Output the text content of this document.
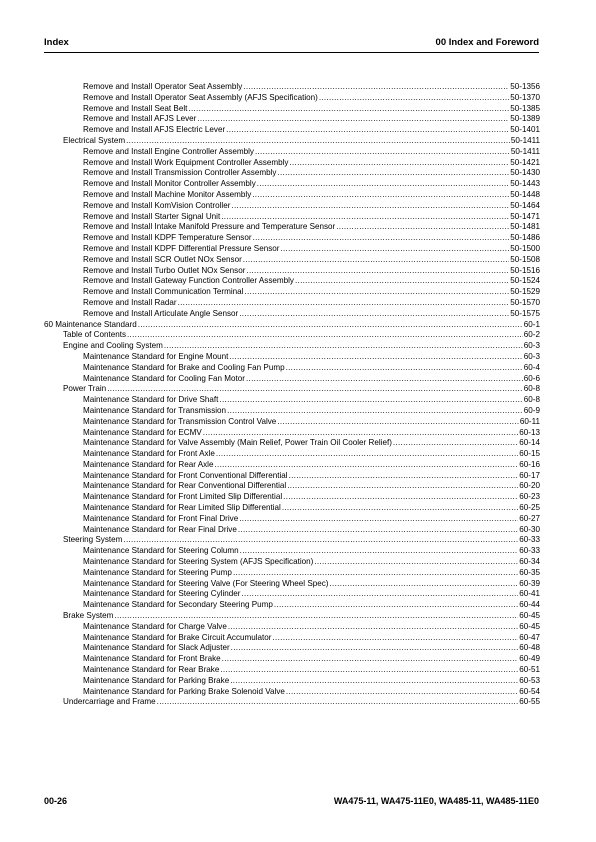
Index	00 Index and Foreword
Remove and Install Operator Seat Assembly .....	50-1356
Remove and Install Operator Seat Assembly (AFJS Specification) .....	50-1370
Remove and Install Seat Belt .....	50-1385
Remove and Install AFJS Lever .....	50-1389
Remove and Install AFJS Electric Lever .....	50-1401
Electrical System .....	50-1411
Remove and Install Engine Controller Assembly .....	50-1411
Remove and Install Work Equipment Controller Assembly .....	50-1421
Remove and Install Transmission Controller Assembly .....	50-1430
Remove and Install Monitor Controller Assembly .....	50-1443
Remove and Install Machine Monitor Assembly .....	50-1448
Remove and Install KomVision Controller .....	50-1464
Remove and Install Starter Signal Unit .....	50-1471
Remove and Install Intake Manifold Pressure and Temperature Sensor .....	50-1481
Remove and Install KDPF Temperature Sensor .....	50-1486
Remove and Install KDPF Differential Pressure Sensor .....	50-1500
Remove and Install SCR Outlet NOx Sensor .....	50-1508
Remove and Install Turbo Outlet NOx Sensor .....	50-1516
Remove and Install Gateway Function Controller Assembly .....	50-1524
Remove and Install Communication Terminal .....	50-1529
Remove and Install Radar .....	50-1570
Remove and Install Articulate Angle Sensor .....	50-1575
60 Maintenance Standard .....	60-1
Table of Contents .....	60-2
Engine and Cooling System .....	60-3
Maintenance Standard for Engine Mount .....	60-3
Maintenance Standard for Brake and Cooling Fan Pump .....	60-4
Maintenance Standard for Cooling Fan Motor .....	60-6
Power Train .....	60-8
Maintenance Standard for Drive Shaft .....	60-8
Maintenance Standard for Transmission .....	60-9
Maintenance Standard for Transmission Control Valve .....	60-11
Maintenance Standard for ECMV .....	60-13
Maintenance Standard for Valve Assembly (Main Relief, Power Train Oil Cooler Relief) .....	60-14
Maintenance Standard for Front Axle .....	60-15
Maintenance Standard for Rear Axle .....	60-16
Maintenance Standard for Front Conventional Differential .....	60-17
Maintenance Standard for Rear Conventional Differential .....	60-20
Maintenance Standard for Front Limited Slip Differential .....	60-23
Maintenance Standard for Rear Limited Slip Differential .....	60-25
Maintenance Standard for Front Final Drive .....	60-27
Maintenance Standard for Rear Final Drive .....	60-30
Steering System .....	60-33
Maintenance Standard for Steering Column .....	60-33
Maintenance Standard for Steering System (AFJS Specification) .....	60-34
Maintenance Standard for Steering Pump .....	60-35
Maintenance Standard for Steering Valve (For Steering Wheel Spec) .....	60-39
Maintenance Standard for Steering Cylinder .....	60-41
Maintenance Standard for Secondary Steering Pump .....	60-44
Brake System .....	60-45
Maintenance Standard for Charge Valve .....	60-45
Maintenance Standard for Brake Circuit Accumulator .....	60-47
Maintenance Standard for Slack Adjuster .....	60-48
Maintenance Standard for Front Brake .....	60-49
Maintenance Standard for Rear Brake .....	60-51
Maintenance Standard for Parking Brake .....	60-53
Maintenance Standard for Parking Brake Solenoid Valve .....	60-54
Undercarriage and Frame .....	60-55
00-26	WA475-11, WA475-11E0, WA485-11, WA485-11E0
